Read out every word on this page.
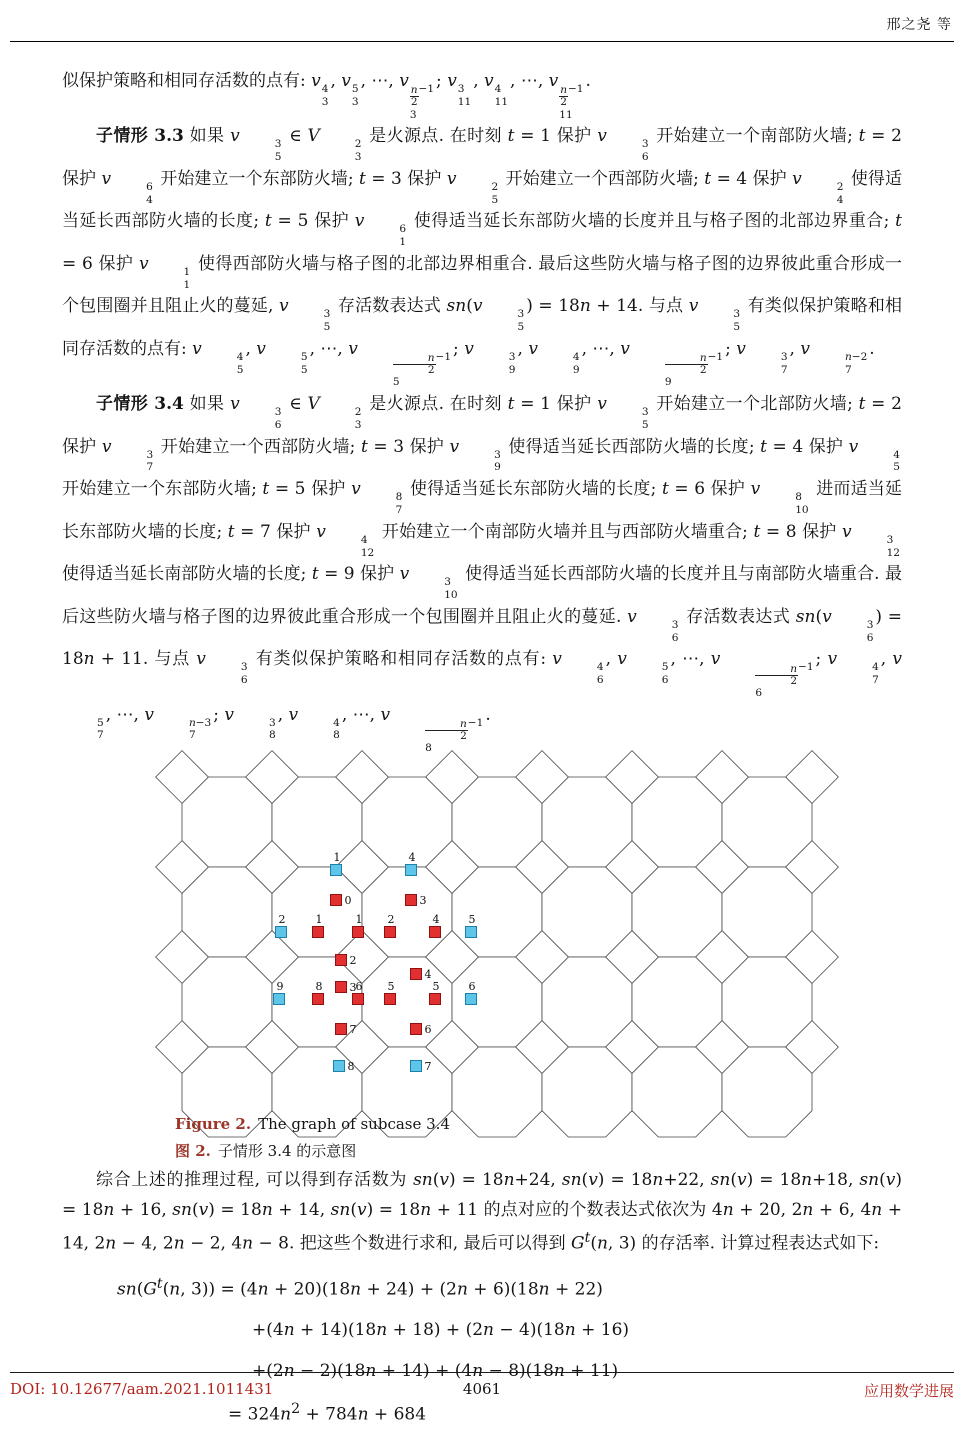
邢之尧 等

似保护策略和相同存活数的点有: v 4
3
, v 5
3
, ⋯, v
$\frac{n}{2} -1$
3
; v 3
11
, v 4
11
, ⋯, v
$\frac{n}{2} -1$
11
.

子情形 3.3 如果 v	3
5
∈ V	2
3
是火源点. 在时刻 t = 1 保护 v	3
6
开始建立一个南部防火墙; t = 2 保护 v	6
4
开始建立一个东部防火墙; t = 3 保护 v	2
5
开始建立一个西部防火墙; t = 4 保护 v	2
4
使得适当延长西部防火墙的长度; t = 5 保护 v	6
1
使得适当延长东部防火墙的长度并且与格子图的北部边界重合; t = 6 保护 v	1
1
使得西部防火墙与格子图的北部边界相重合. 最后这些防火墙与格子图的边界彼此重合形成一个包围圈并且阻止火的蔓延, v	3
5
存活数表达式 sn(v	3
5
) = 18n + 14. 与点 v	3
5
有类似保护策略和相同存活数的点有: v	4
5
, v	5
5
, ⋯, v
$\frac{n}{2} -1$
5
; v	3
9
, v	4
9
, ⋯, v
$\frac{n}{2} -1$
9
; v	3
7
, v	n−2
7
.

子情形 3.4 如果 v	3
6
∈ V	2
3
是火源点. 在时刻 t = 1 保护 v	3
5
开始建立一个北部防火墙; t = 2 保护 v	3
7
开始建立一个西部防火墙; t = 3 保护 v	3
9
使得适当延长西部防火墙的长度; t = 4 保护 v	4
5
开始建立一个东部防火墙; t = 5 保护 v	8
7
使得适当延长东部防火墙的长度; t = 6 保护 v	8
10
进而适当延长东部防火墙的长度; t = 7 保护 v	4
12
开始建立一个南部防火墙并且与西部防火墙重合; t = 8 保护 v	3
12
使得适当延长南部防火墙的长度; t = 9 保护 v	3
10
使得适当延长西部防火墙的长度并且与南部防火墙重合. 最后这些防火墙与格子图的边界彼此重合形成一个包围圈并且阻止火的蔓延. v	3
6
存活数表达式 sn(v	3
6
) = 18n + 11. 与点 v	3
6
有类似保护策略和相同存活数的点有: v	4
6
, v	5
6
, ⋯, v
$\frac{n}{2} -1$
6
; v	4
7
, v
5
7
, ⋯, v	n−3
7
; v	3
8
, v	4
8
, ⋯, v
$\frac{n}{2} -1$
8
.

1	4
0	3
2	1	1 2	4	5
2
3
4
9	8	6 5	5	6
7	6
8	7
Figure 2. The graph of subcase 3.4
图 2. 子情形 3.4 的示意图

综合上述的推理过程, 可以得到存活数为 sn(v) = 18n+24, sn(v) = 18n+22, sn(v) = 18n+18, sn(v) = 18n + 16, sn(v) = 18n + 14, sn(v) = 18n + 11 的点对应的个数表达式依次为 4n + 20, 2n + 6, 4n + 14, 2n − 4, 2n − 2, 4n − 8. 把这些个数进行求和, 最后可以得到 $G^t(n$, 3) 的存活率. 计算过程表达式如下:

$sn(G^t(n$, 3)) = (4n + 20)(18n + 24) + (2n + 6)(18n + 22)
+(4n + 14)(18n + 18) + (2n − 4)(18n + 16)
+(2n − 2)(18n + 14) + (4n − 8)(18n + 11)
= $324n^2 + 784n + 684$
DOI: 10.12677/aam.2021.1011431	4061	应用数学进展
